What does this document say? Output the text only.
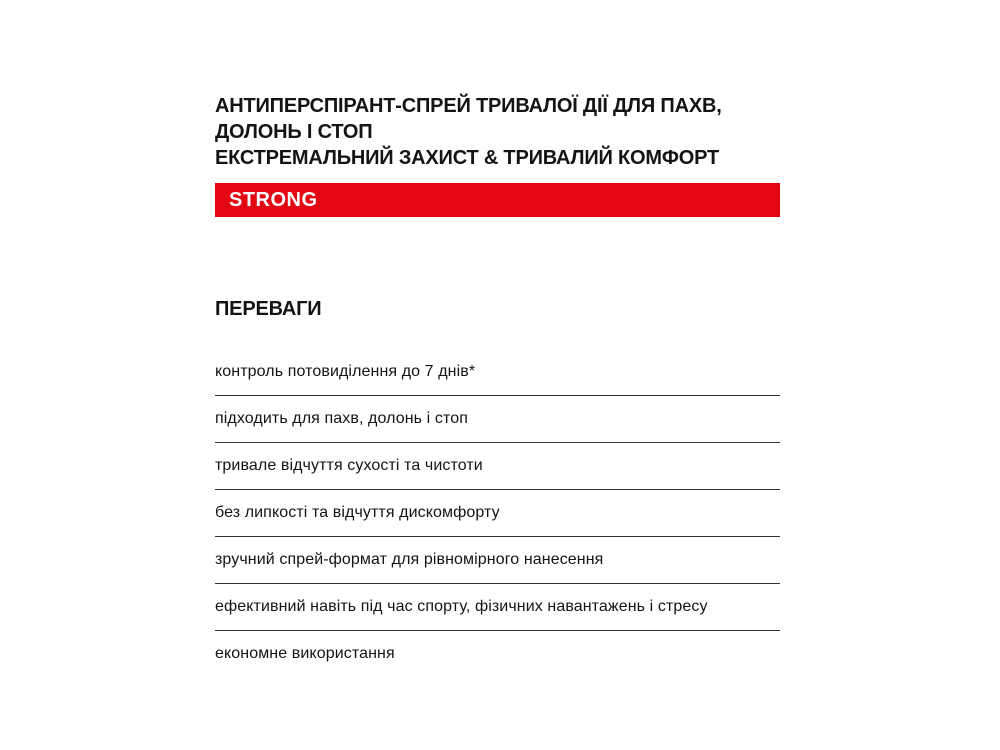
АНТИПЕРСПІРАНТ-СПРЕЙ ТРИВАЛОЇ ДІЇ ДЛЯ ПАХВ,
ДОЛОНЬ І СТОП
ЕКСТРЕМАЛЬНИЙ ЗАХИСТ & ТРИВАЛИЙ КОМФОРТ
STRONG
ПЕРЕВАГИ
контроль потовиділення до 7 днів*
підходить для пахв, долонь і стоп
тривале відчуття сухості та чистоти
без липкості та відчуття дискомфорту
зручний спрей-формат для рівномірного нанесення
ефективний навіть під час спорту, фізичних навантажень і стресу
економне використання
